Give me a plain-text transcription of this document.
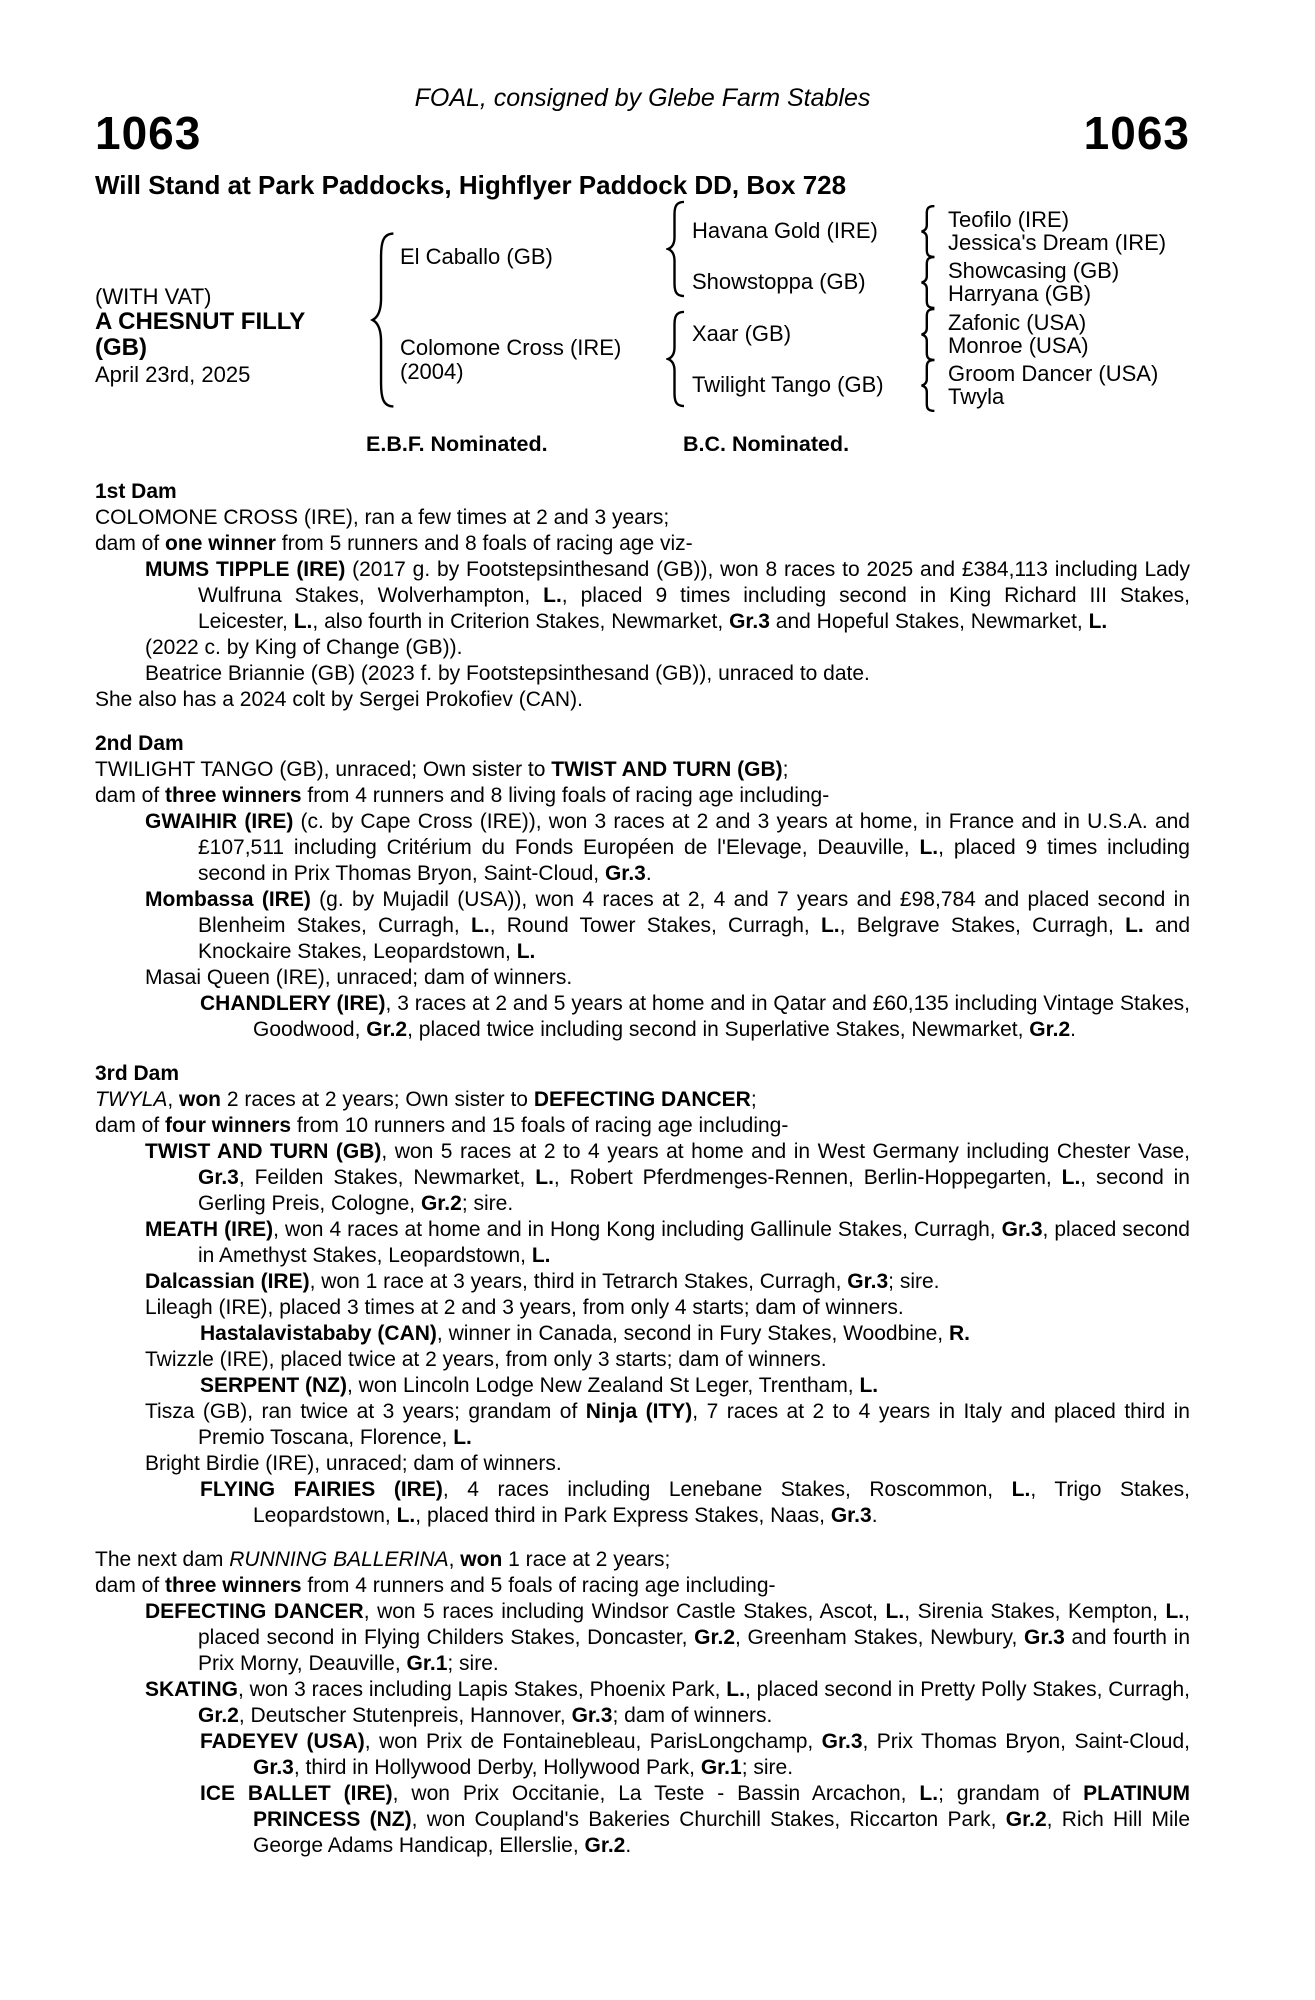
FOAL, consigned by Glebe Farm Stables
1063	1063
Will Stand at Park Paddocks, Highflyer Paddock DD, Box 728
(WITH VAT)
A CHESNUT FILLY (GB)
April 23rd, 2025
El Caballo (GB)
Colomone Cross (IRE)
(2004)
Havana Gold (IRE)
Showstoppa (GB)
Xaar (GB)
Twilight Tango (GB)
Teofilo (IRE)
Jessica's Dream (IRE)
Showcasing (GB)
Harryana (GB)
Zafonic (USA)
Monroe (USA)
Groom Dancer (USA)
Twyla
E.B.F. Nominated.	B.C. Nominated.
1st Dam

COLOMONE CROSS (IRE), ran a few times at 2 and 3 years;

dam of one winner from 5 runners and 8 foals of racing age viz-

MUMS TIPPLE (IRE) (2017 g. by Footstepsinthesand (GB)), won 8 races to 2025 and £384,113 including Lady Wulfruna Stakes, Wolverhampton, L., placed 9 times including second in King Richard III Stakes, Leicester, L., also fourth in Criterion Stakes, Newmarket, Gr.3 and Hopeful Stakes, Newmarket, L.

(2022 c. by King of Change (GB)).

Beatrice Briannie (GB) (2023 f. by Footstepsinthesand (GB)), unraced to date.

She also has a 2024 colt by Sergei Prokofiev (CAN).

2nd Dam

TWILIGHT TANGO (GB), unraced; Own sister to TWIST AND TURN (GB);

dam of three winners from 4 runners and 8 living foals of racing age including-

GWAIHIR (IRE) (c. by Cape Cross (IRE)), won 3 races at 2 and 3 years at home, in France and in U.S.A. and £107,511 including Critérium du Fonds Européen de l'Elevage, Deauville, L., placed 9 times including second in Prix Thomas Bryon, Saint-Cloud, Gr.3.

Mombassa (IRE) (g. by Mujadil (USA)), won 4 races at 2, 4 and 7 years and £98,784 and placed second in Blenheim Stakes, Curragh, L., Round Tower Stakes, Curragh, L., Belgrave Stakes, Curragh, L. and Knockaire Stakes, Leopardstown, L.

Masai Queen (IRE), unraced; dam of winners.

CHANDLERY (IRE), 3 races at 2 and 5 years at home and in Qatar and £60,135 including Vintage Stakes, Goodwood, Gr.2, placed twice including second in Superlative Stakes, Newmarket, Gr.2.

3rd Dam

TWYLA, won 2 races at 2 years; Own sister to DEFECTING DANCER;

dam of four winners from 10 runners and 15 foals of racing age including-

TWIST AND TURN (GB), won 5 races at 2 to 4 years at home and in West Germany including Chester Vase, Gr.3, Feilden Stakes, Newmarket, L., Robert Pferdmenges-Rennen, Berlin-Hoppegarten, L., second in Gerling Preis, Cologne, Gr.2; sire.

MEATH (IRE), won 4 races at home and in Hong Kong including Gallinule Stakes, Curragh, Gr.3, placed second in Amethyst Stakes, Leopardstown, L.

Dalcassian (IRE), won 1 race at 3 years, third in Tetrarch Stakes, Curragh, Gr.3; sire.

Lileagh (IRE), placed 3 times at 2 and 3 years, from only 4 starts; dam of winners.

Hastalavistababy (CAN), winner in Canada, second in Fury Stakes, Woodbine, R.

Twizzle (IRE), placed twice at 2 years, from only 3 starts; dam of winners.

SERPENT (NZ), won Lincoln Lodge New Zealand St Leger, Trentham, L.

Tisza (GB), ran twice at 3 years; grandam of Ninja (ITY), 7 races at 2 to 4 years in Italy and placed third in Premio Toscana, Florence, L.

Bright Birdie (IRE), unraced; dam of winners.

FLYING FAIRIES (IRE), 4 races including Lenebane Stakes, Roscommon, L., Trigo Stakes, Leopardstown, L., placed third in Park Express Stakes, Naas, Gr.3.

The next dam RUNNING BALLERINA, won 1 race at 2 years;

dam of three winners from 4 runners and 5 foals of racing age including-

DEFECTING DANCER, won 5 races including Windsor Castle Stakes, Ascot, L., Sirenia Stakes, Kempton, L., placed second in Flying Childers Stakes, Doncaster, Gr.2, Greenham Stakes, Newbury, Gr.3 and fourth in Prix Morny, Deauville, Gr.1; sire.

SKATING, won 3 races including Lapis Stakes, Phoenix Park, L., placed second in Pretty Polly Stakes, Curragh, Gr.2, Deutscher Stutenpreis, Hannover, Gr.3; dam of winners.

FADEYEV (USA), won Prix de Fontainebleau, ParisLongchamp, Gr.3, Prix Thomas Bryon, Saint-Cloud, Gr.3, third in Hollywood Derby, Hollywood Park, Gr.1; sire.

ICE BALLET (IRE), won Prix Occitanie, La Teste - Bassin Arcachon, L.; grandam of PLATINUM PRINCESS (NZ), won Coupland's Bakeries Churchill Stakes, Riccarton Park, Gr.2, Rich Hill Mile George Adams Handicap, Ellerslie, Gr.2.
